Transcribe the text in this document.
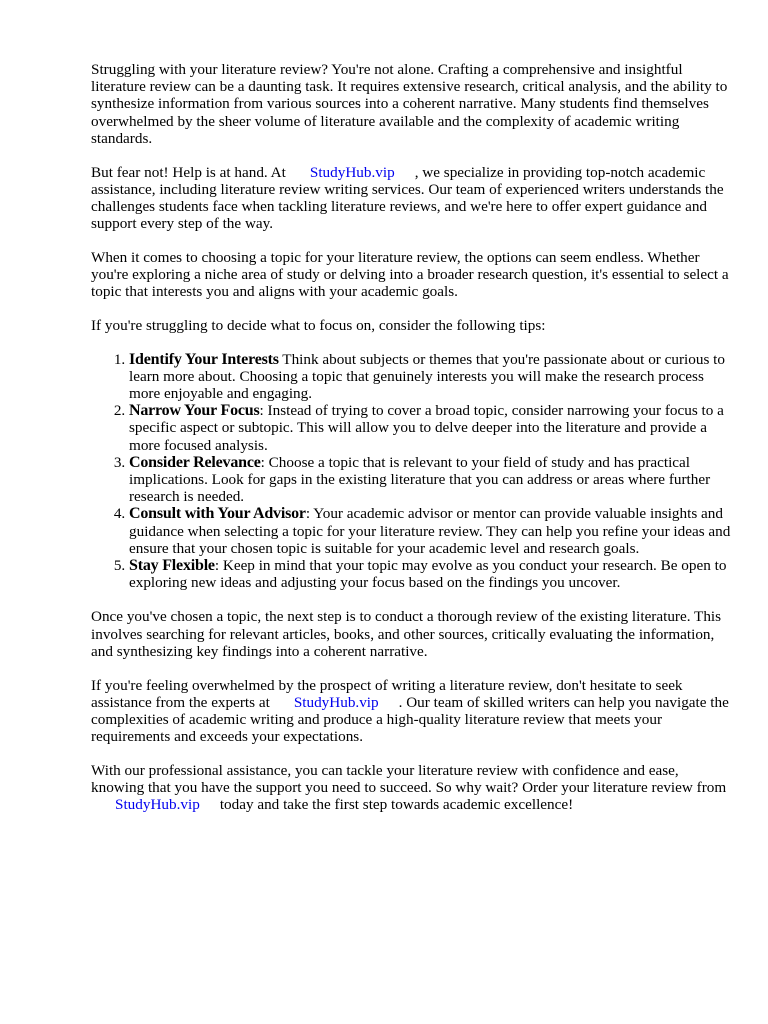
Struggling with your literature review? You're not alone. Crafting a comprehensive and insightful literature review can be a daunting task. It requires extensive research, critical analysis, and the ability to synthesize information from various sources into a coherent narrative. Many students find themselves overwhelmed by the sheer volume of literature available and the complexity of academic writing standards.

But fear not! Help is at hand. At StudyHub.vip , we specialize in providing top-notch academic assistance, including literature review writing services. Our team of experienced writers understands the challenges students face when tackling literature reviews, and we're here to offer expert guidance and support every step of the way.

When it comes to choosing a topic for your literature review, the options can seem endless. Whether you're exploring a niche area of study or delving into a broader research question, it's essential to select a topic that interests you and aligns with your academic goals.

If you're struggling to decide what to focus on, consider the following tips:

1. Identify Your Interests Think about subjects or themes that you're passionate about or curious to learn more about. Choosing a topic that genuinely interests you will make the research process more enjoyable and engaging.
2. Narrow Your Focus: Instead of trying to cover a broad topic, consider narrowing your focus to a specific aspect or subtopic. This will allow you to delve deeper into the literature and provide a more focused analysis.
3. Consider Relevance: Choose a topic that is relevant to your field of study and has practical implications. Look for gaps in the existing literature that you can address or areas where further research is needed.
4. Consult with Your Advisor: Your academic advisor or mentor can provide valuable insights and guidance when selecting a topic for your literature review. They can help you refine your ideas and ensure that your chosen topic is suitable for your academic level and research goals.
5. Stay Flexible: Keep in mind that your topic may evolve as you conduct your research. Be open to exploring new ideas and adjusting your focus based on the findings you uncover.

Once you've chosen a topic, the next step is to conduct a thorough review of the existing literature. This involves searching for relevant articles, books, and other sources, critically evaluating the information, and synthesizing key findings into a coherent narrative.

If you're feeling overwhelmed by the prospect of writing a literature review, don't hesitate to seek assistance from the experts at StudyHub.vip . Our team of skilled writers can help you navigate the complexities of academic writing and produce a high-quality literature review that meets your requirements and exceeds your expectations.

With our professional assistance, you can tackle your literature review with confidence and ease, knowing that you have the support you need to succeed. So why wait? Order your literature review fromStudyHub.vip today and take the first step towards academic excellence!
